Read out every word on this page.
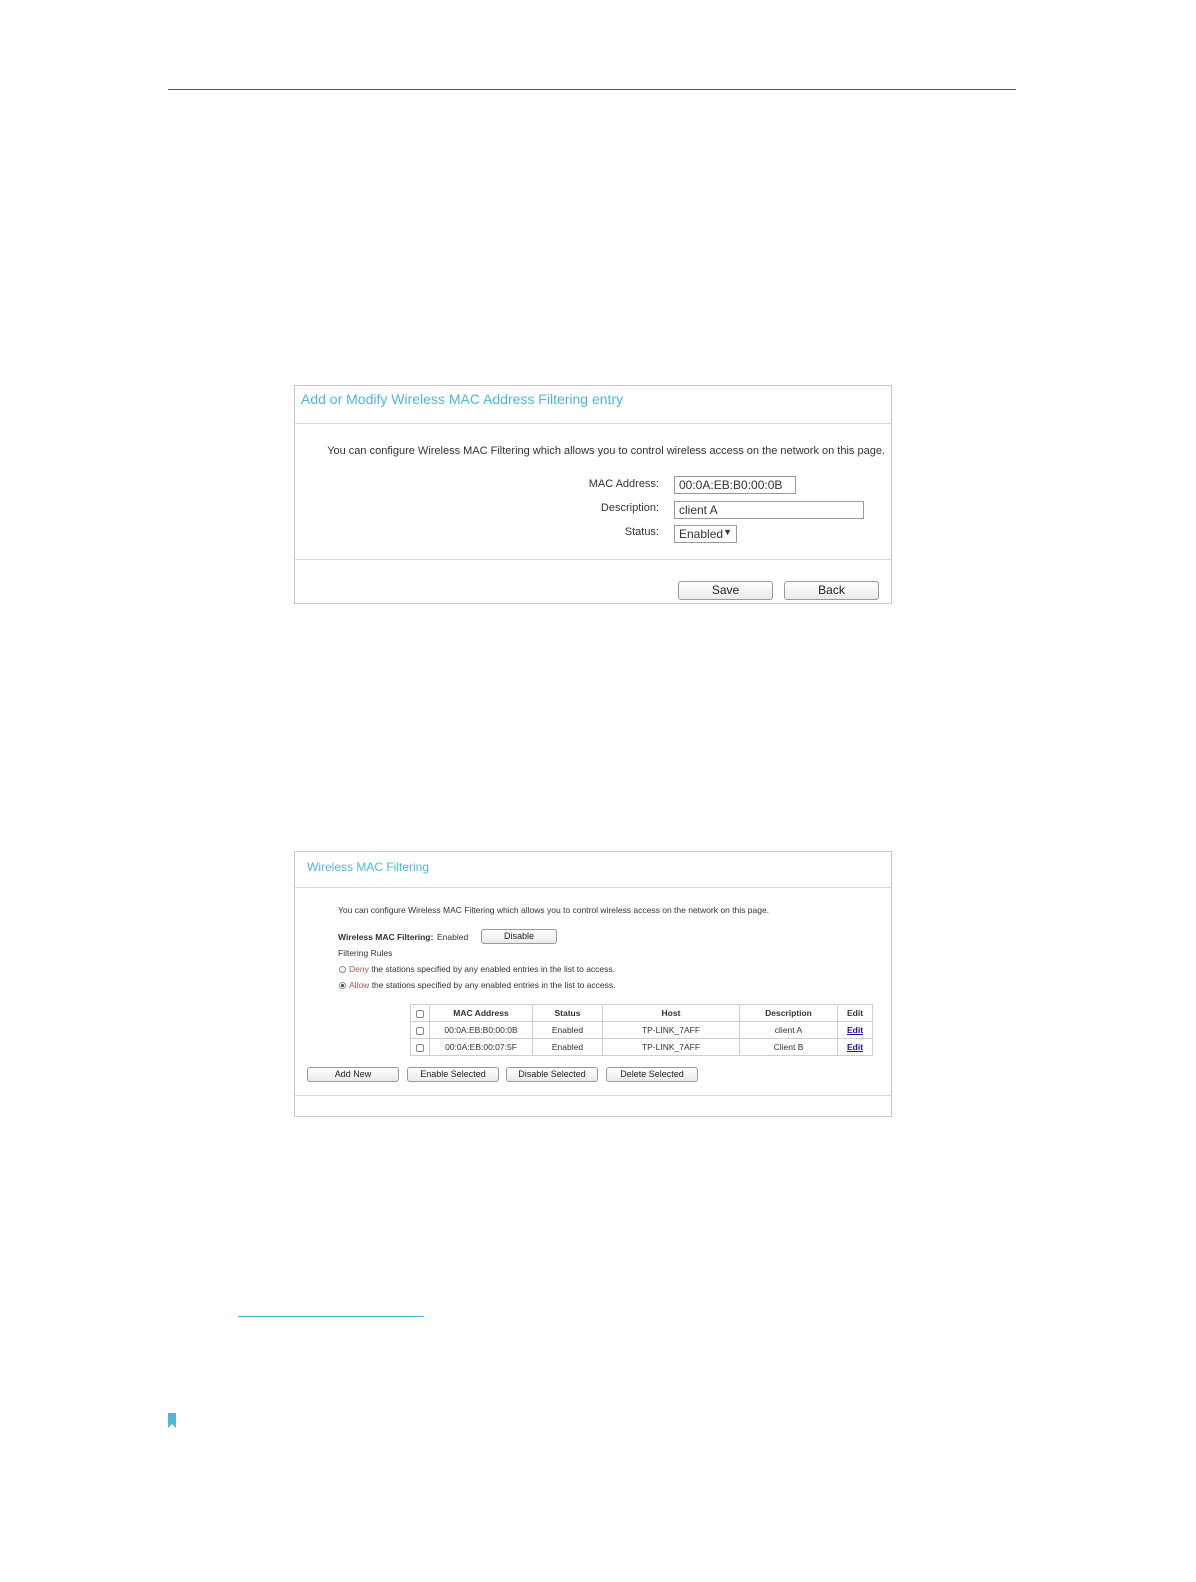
Add or Modify Wireless MAC Address Filtering entry
You can configure Wireless MAC Filtering which allows you to control wireless access on the network on this page.
MAC Address:
00:0A:EB:B0:00:0B
Description:
client A
Status:	Enabled ▼
Save	Back
Wireless MAC Filtering
You can configure Wireless MAC Filtering which allows you to control wireless access on the network on this page.
Wireless MAC Filtering: Enabled	Disable
Filtering Rules
Deny the stations specified by any enabled entries in the list to access.
Allow the stations specified by any enabled entries in the list to access.
	MAC Address	Status	Host	Description	Edit
	00:0A:EB:B0:00:0B	Enabled	TP-LINK_7AFF	client A	Edit
	00:0A:EB:00:07:5F	Enabled	TP-LINK_7AFF	Client B	Edit
Add New	Enable Selected	Disable Selected	Delete Selected
